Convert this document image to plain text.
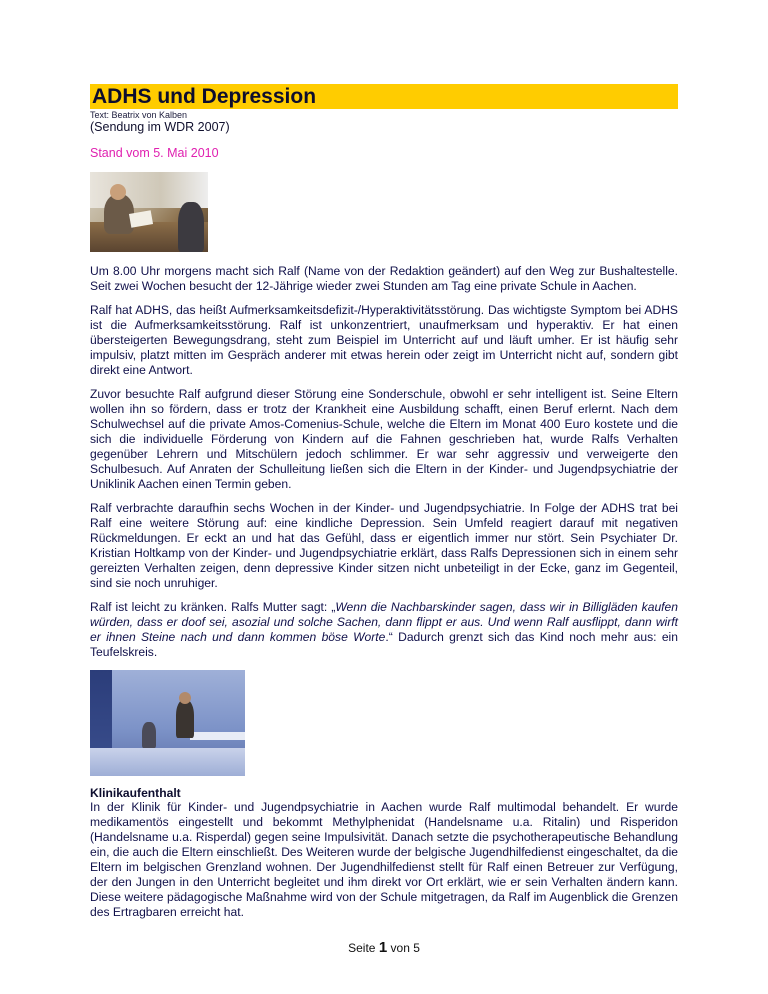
ADHS und Depression
Text: Beatrix von Kalben
(Sendung im WDR 2007)
Stand vom 5. Mai 2010

Um 8.00 Uhr morgens macht sich Ralf (Name von der Redaktion geändert) auf den Weg zur Bushaltestelle. Seit zwei Wochen besucht der 12-Jährige wieder zwei Stunden am Tag eine private Schule in Aachen.

Ralf hat ADHS, das heißt Aufmerksamkeitsdefizit-/Hyperaktivitätsstörung. Das wichtigste Symptom bei ADHS ist die Aufmerksamkeitsstörung. Ralf ist unkonzentriert, unaufmerksam und hyperaktiv. Er hat einen übersteigerten Bewegungsdrang, steht zum Beispiel im Unterricht auf und läuft umher. Er ist häufig sehr impulsiv, platzt mitten im Gespräch anderer mit etwas herein oder zeigt im Unterricht nicht auf, sondern gibt direkt eine Antwort.

Zuvor besuchte Ralf aufgrund dieser Störung eine Sonderschule, obwohl er sehr intelligent ist. Seine Eltern wollen ihn so fördern, dass er trotz der Krankheit eine Ausbildung schafft, einen Beruf erlernt. Nach dem Schulwechsel auf die private Amos-Comenius-Schule, welche die Eltern im Monat 400 Euro kostete und die sich die individuelle Förderung von Kindern auf die Fahnen geschrieben hat, wurde Ralfs Verhalten gegenüber Lehrern und Mitschülern jedoch schlimmer. Er war sehr aggressiv und verweigerte den Schulbesuch. Auf Anraten der Schulleitung ließen sich die Eltern in der Kinder- und Jugendpsychiatrie der Uniklinik Aachen einen Termin geben.

Ralf verbrachte daraufhin sechs Wochen in der Kinder- und Jugendpsychiatrie. In Folge der ADHS trat bei Ralf eine weitere Störung auf: eine kindliche Depression. Sein Umfeld reagiert darauf mit negativen Rückmeldungen. Er eckt an und hat das Gefühl, dass er eigentlich immer nur stört. Sein Psychiater Dr. Kristian Holtkamp von der Kinder- und Jugendpsychiatrie erklärt, dass Ralfs Depressionen sich in einem sehr gereizten Verhalten zeigen, denn depressive Kinder sitzen nicht unbeteiligt in der Ecke, ganz im Gegenteil, sind sie noch unruhiger.

Ralf ist leicht zu kränken. Ralfs Mutter sagt: „Wenn die Nachbarskinder sagen, dass wir in Billigläden kaufen würden, dass er doof sei, asozial und solche Sachen, dann flippt er aus. Und wenn Ralf ausflippt, dann wirft er ihnen Steine nach und dann kommen böse Worte.“ Dadurch grenzt sich das Kind noch mehr aus: ein Teufelskreis.

Klinikaufenthalt

In der Klinik für Kinder- und Jugendpsychiatrie in Aachen wurde Ralf multimodal behandelt. Er wurde medikamentös eingestellt und bekommt Methylphenidat (Handelsname u.a. Ritalin) und Risperidon (Handelsname u.a. Risperdal) gegen seine Impulsivität. Danach setzte die psychotherapeutische Behandlung ein, die auch die Eltern einschließt. Des Weiteren wurde der belgische Jugendhilfedienst eingeschaltet, da die Eltern im belgischen Grenzland wohnen. Der Jugendhilfedienst stellt für Ralf einen Betreuer zur Verfügung, der den Jungen in den Unterricht begleitet und ihm direkt vor Ort erklärt, wie er sein Verhalten ändern kann. Diese weitere pädagogische Maßnahme wird von der Schule mitgetragen, da Ralf im Augenblick die Grenzen des Ertragbaren erreicht hat.

Seite 1 von 5
